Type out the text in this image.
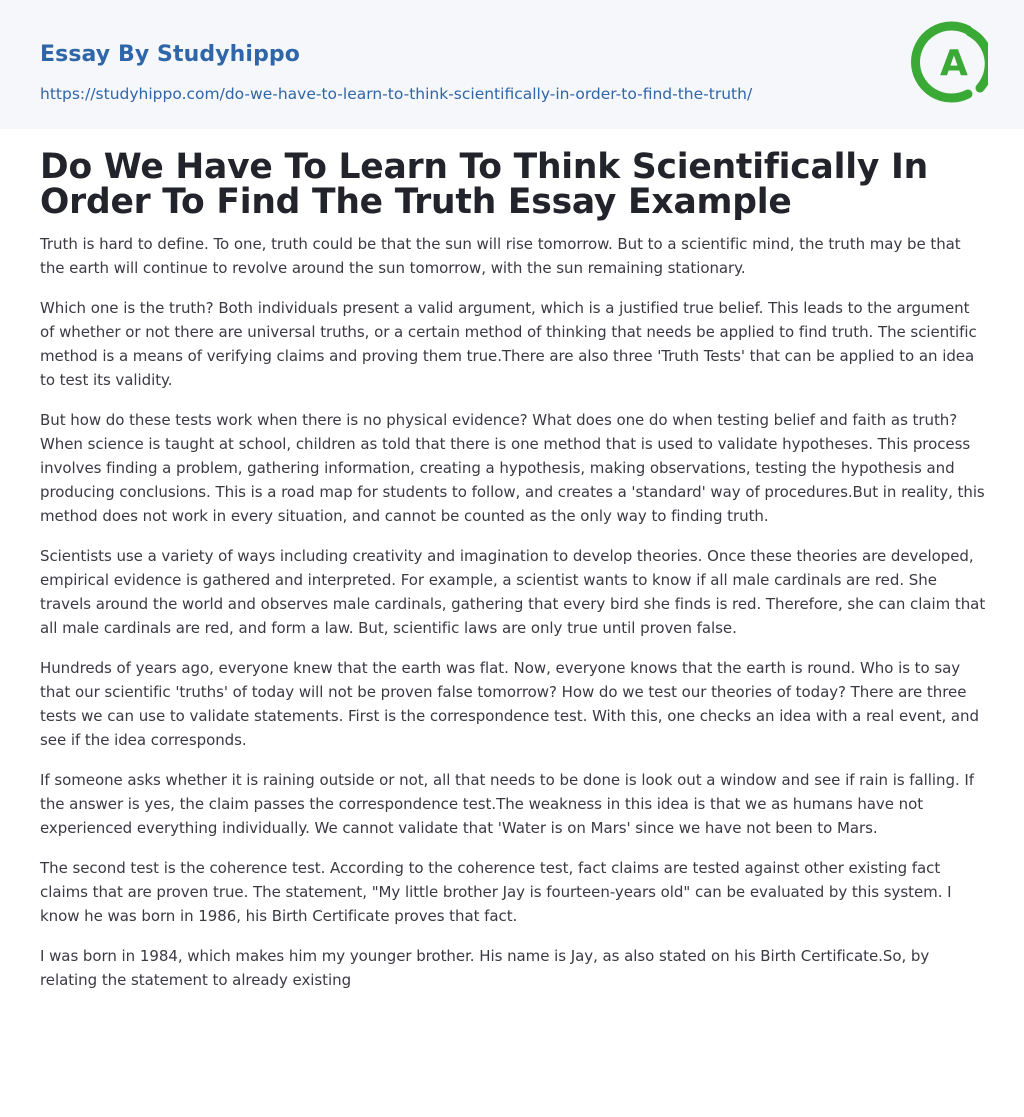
Essay By Studyhippo
https://studyhippo.com/do-we-have-to-learn-to-think-scientifically-in-order-to-find-the-truth/
A
Do We Have To Learn To Think Scientifically In Order To Find The Truth Essay Example

Truth is hard to define. To one, truth could be that the sun will rise tomorrow. But to a scientific mind, the truth may be that the earth will continue to revolve around the sun tomorrow, with the sun remaining stationary.

Which one is the truth? Both individuals present a valid argument, which is a justified true belief. This leads to the argument of whether or not there are universal truths, or a certain method of thinking that needs be applied to find truth. The scientific method is a means of verifying claims and proving them true.There are also three 'Truth Tests' that can be applied to an idea to test its validity.

But how do these tests work when there is no physical evidence? What does one do when testing belief and faith as truth? When science is taught at school, children as told that there is one method that is used to validate hypotheses. This process involves finding a problem, gathering information, creating a hypothesis, making observations, testing the hypothesis and producing conclusions. This is a road map for students to follow, and creates a 'standard' way of procedures.But in reality, this method does not work in every situation, and cannot be counted as the only way to finding truth.

Scientists use a variety of ways including creativity and imagination to develop theories. Once these theories are developed, empirical evidence is gathered and interpreted. For example, a scientist wants to know if all male cardinals are red. She travels around the world and observes male cardinals, gathering that every bird she finds is red. Therefore, she can claim that all male cardinals are red, and form a law. But, scientific laws are only true until proven false.

Hundreds of years ago, everyone knew that the earth was flat. Now, everyone knows that the earth is round. Who is to say that our scientific 'truths' of today will not be proven false tomorrow? How do we test our theories of today? There are three tests we can use to validate statements. First is the correspondence test. With this, one checks an idea with a real event, and see if the idea corresponds.

If someone asks whether it is raining outside or not, all that needs to be done is look out a window and see if rain is falling. If the answer is yes, the claim passes the correspondence test.The weakness in this idea is that we as humans have not experienced everything individually. We cannot validate that 'Water is on Mars' since we have not been to Mars.

The second test is the coherence test. According to the coherence test, fact claims are tested against other existing fact claims that are proven true. The statement, "My little brother Jay is fourteen-years old" can be evaluated by this system. I know he was born in 1986, his Birth Certificate proves that fact.

I was born in 1984, which makes him my younger brother. His name is Jay, as also stated on his Birth Certificate.So, by relating the statement to already existing
